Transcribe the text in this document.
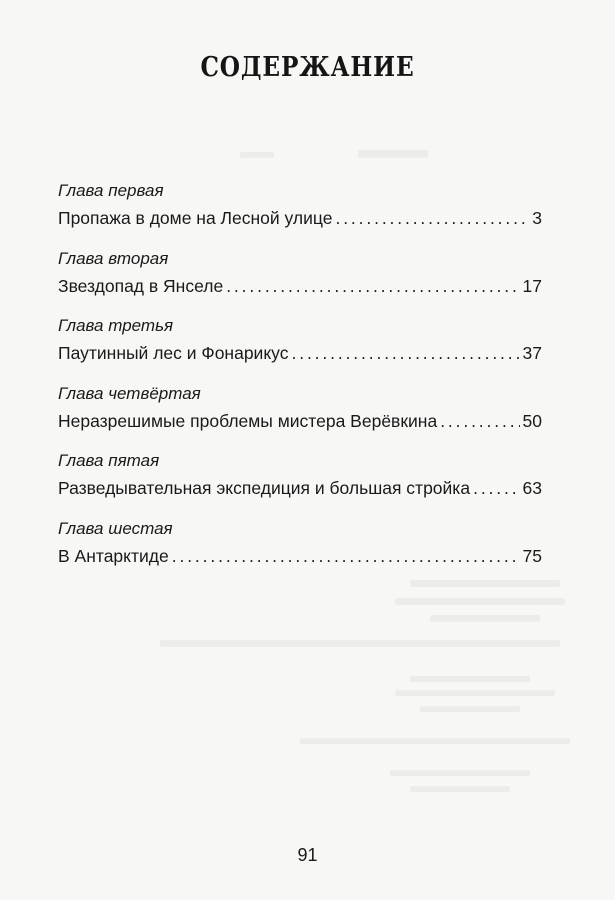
СОДЕРЖАНИЕ
Глава первая
Пропажа в доме на Лесной улице . . .	3
Глава вторая
Звездопад в Янселе . . .	17
Глава третья
Паутинный лес и Фонарикус . . .	37
Глава четвёртая
Неразрешимые проблемы мистера Верёвкина . . .	50
Глава пятая
Разведывательная экспедиция и большая стройка . . .	63
Глава шестая
В Антарктиде . . .	75
91
